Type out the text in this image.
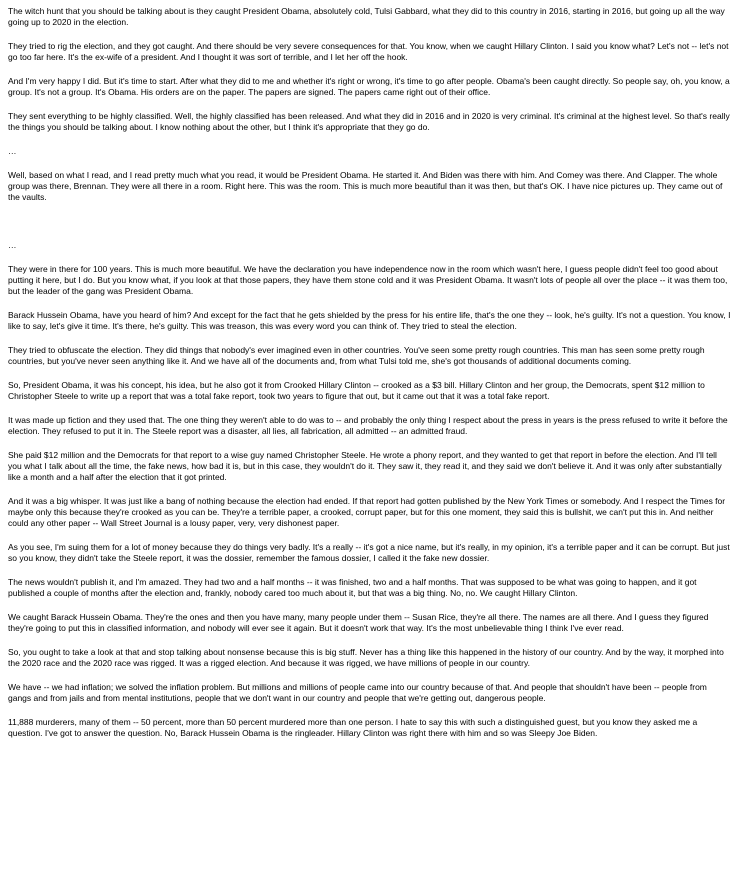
The witch hunt that you should be talking about is they caught President Obama, absolutely cold, Tulsi Gabbard, what they did to this country in 2016, starting in 2016, but going up all the way going up to 2020 in the election.

They tried to rig the election, and they got caught. And there should be very severe consequences for that. You know, when we caught Hillary Clinton. I said you know what? Let's not -- let's not go too far here. It's the ex-wife of a president. And I thought it was sort of terrible, and I let her off the hook.

And I'm very happy I did. But it's time to start. After what they did to me and whether it's right or wrong, it's time to go after people. Obama's been caught directly. So people say, oh, you know, a group. It's not a group. It's Obama. His orders are on the paper. The papers are signed. The papers came right out of their office.

They sent everything to be highly classified. Well, the highly classified has been released. And what they did in 2016 and in 2020 is very criminal. It's criminal at the highest level. So that's really the things you should be talking about. I know nothing about the other, but I think it's appropriate that they go do.

…

Well, based on what I read, and I read pretty much what you read, it would be President Obama. He started it. And Biden was there with him. And Comey was there. And Clapper. The whole group was there, Brennan. They were all there in a room. Right here. This was the room. This is much more beautiful than it was then, but that's OK. I have nice pictures up. They came out of the vaults.

…

They were in there for 100 years. This is much more beautiful. We have the declaration you have independence now in the room which wasn't here, I guess people didn't feel too good about putting it here, but I do. But you know what, if you look at that those papers, they have them stone cold and it was President Obama. It wasn't lots of people all over the place -- it was them too, but the leader of the gang was President Obama.

Barack Hussein Obama, have you heard of him? And except for the fact that he gets shielded by the press for his entire life, that's the one they -- look, he's guilty. It's not a question. You know, I like to say, let's give it time. It's there, he's guilty. This was treason, this was every word you can think of. They tried to steal the election.

They tried to obfuscate the election. They did things that nobody's ever imagined even in other countries. You've seen some pretty rough countries. This man has seen some pretty rough countries, but you've never seen anything like it. And we have all of the documents and, from what Tulsi told me, she's got thousands of additional documents coming.

So, President Obama, it was his concept, his idea, but he also got it from Crooked Hillary Clinton -- crooked as a $3 bill. Hillary Clinton and her group, the Democrats, spent $12 million to Christopher Steele to write up a report that was a total fake report, took two years to figure that out, but it came out that it was a total fake report.

It was made up fiction and they used that. The one thing they weren't able to do was to -- and probably the only thing I respect about the press in years is the press refused to write it before the election. They refused to put it in. The Steele report was a disaster, all lies, all fabrication, all admitted -- an admitted fraud.

She paid $12 million and the Democrats for that report to a wise guy named Christopher Steele. He wrote a phony report, and they wanted to get that report in before the election. And I'll tell you what I talk about all the time, the fake news, how bad it is, but in this case, they wouldn't do it. They saw it, they read it, and they said we don't believe it. And it was only after substantially like a month and a half after the election that it got printed.

And it was a big whisper. It was just like a bang of nothing because the election had ended. If that report had gotten published by the New York Times or somebody. And I respect the Times for maybe only this because they're crooked as you can be. They're a terrible paper, a crooked, corrupt paper, but for this one moment, they said this is bullshit, we can't put this in. And neither could any other paper -- Wall Street Journal is a lousy paper, very, very dishonest paper.

As you see, I'm suing them for a lot of money because they do things very badly. It's a really -- it's got a nice name, but it's really, in my opinion, it's a terrible paper and it can be corrupt. But just so you know, they didn't take the Steele report, it was the dossier, remember the famous dossier, I called it the fake new dossier.

The news wouldn't publish it, and I'm amazed. They had two and a half months -- it was finished, two and a half months. That was supposed to be what was going to happen, and it got published a couple of months after the election and, frankly, nobody cared too much about it, but that was a big thing. No, no. We caught Hillary Clinton.

We caught Barack Hussein Obama. They're the ones and then you have many, many people under them -- Susan Rice, they're all there. The names are all there. And I guess they figured they're going to put this in classified information, and nobody will ever see it again. But it doesn't work that way. It's the most unbelievable thing I think I've ever read.

So, you ought to take a look at that and stop talking about nonsense because this is big stuff. Never has a thing like this happened in the history of our country. And by the way, it morphed into the 2020 race and the 2020 race was rigged. It was a rigged election. And because it was rigged, we have millions of people in our country.

We have -- we had inflation; we solved the inflation problem. But millions and millions of people came into our country because of that. And people that shouldn't have been -- people from gangs and from jails and from mental institutions, people that we don't want in our country and people that we're getting out, dangerous people.

11,888 murderers, many of them -- 50 percent, more than 50 percent murdered more than one person. I hate to say this with such a distinguished guest, but you know they asked me a question. I've got to answer the question. No, Barack Hussein Obama is the ringleader. Hillary Clinton was right there with him and so was Sleepy Joe Biden.
